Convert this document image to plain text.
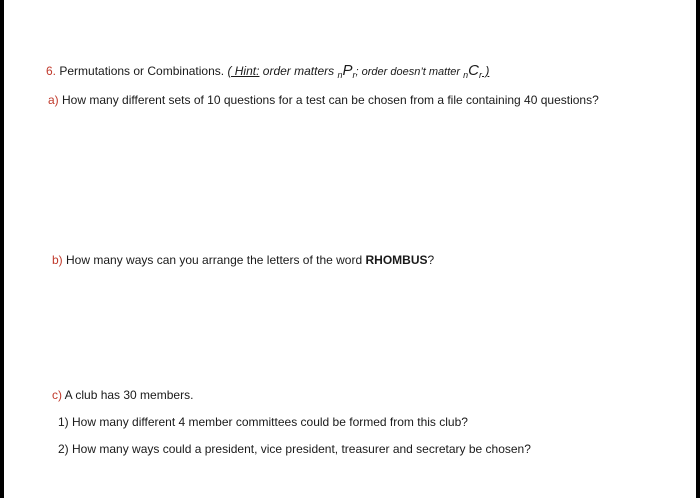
6. Permutations or Combinations. ( Hint: order matters $_nP_r$; order doesn’t matter $_nC_r$ )
a) How many different sets of 10 questions for a test can be chosen from a file containing 40 questions?
b) How many ways can you arrange the letters of the word RHOMBUS?
c) A club has 30 members.
1) How many different 4 member committees could be formed from this club?
2) How many ways could a president, vice president, treasurer and secretary be chosen?
